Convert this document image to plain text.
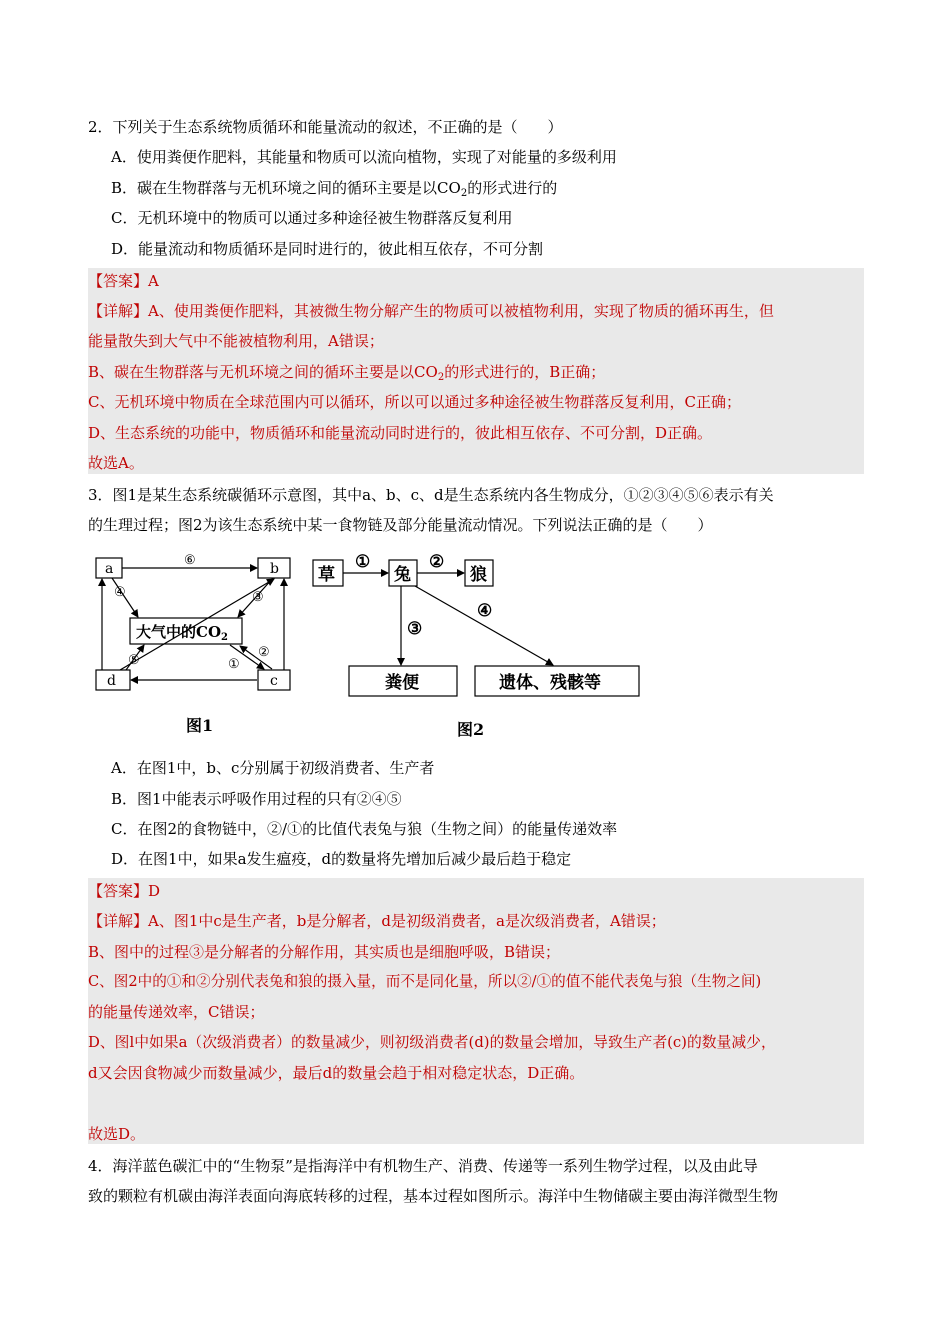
2．下列关于生态系统物质循环和能量流动的叙述，不正确的是（　　）
A．使用粪便作肥料，其能量和物质可以流向植物，实现了对能量的多级利用
B．碳在生物群落与无机环境之间的循环主要是以$CO_2$的形式进行的
C．无机环境中的物质可以通过多种途径被生物群落反复利用
D．能量流动和物质循环是同时进行的，彼此相互依存，不可分割
【答案】A
【详解】A、使用粪便作肥料，其被微生物分解产生的物质可以被植物利用，实现了物质的循环再生，但
能量散失到大气中不能被植物利用，A错误；
B、碳在生物群落与无机环境之间的循环主要是以$CO_2$的形式进行的，B正确；
C、无机环境中物质在全球范围内可以循环，所以可以通过多种途径被生物群落反复利用，C正确；
D、生态系统的功能中，物质循环和能量流动同时进行的，彼此相互依存、不可分割，D正确。
故选A。
3．图1是某生态系统碳循环示意图，其中a、b、c、d是生态系统内各生物成分，①②③④⑤⑥表示有关
的生理过程；图2为该生态系统中某一食物链及部分能量流动情况。下列说法正确的是（　　）
a	b
d	c
大气中的$CO_2$
⑥
④	③
⑤	①
②
图1
草	兔	狼
粪便	遗体、残骸等
①	②
③
④
图2
A．在图1中，b、c分别属于初级消费者、生产者
B．图1中能表示呼吸作用过程的只有②④⑤
C．在图2的食物链中，②/①的比值代表兔与狼（生物之间）的能量传递效率
D．在图1中，如果a发生瘟疫，d的数量将先增加后减少最后趋于稳定
【答案】D
【详解】A、图1中c是生产者，b是分解者，d是初级消费者，a是次级消费者，A错误；
B、图中的过程③是分解者的分解作用，其实质也是细胞呼吸，B错误；
C、图2中的①和②分别代表兔和狼的摄入量，而不是同化量，所以②/①的值不能代表兔与狼（生物之间)
的能量传递效率，C错误；
D、图l中如果a（次级消费者）的数量减少，则初级消费者(d)的数量会增加，导致生产者(c)的数量减少，
d又会因食物减少而数量减少，最后d的数量会趋于相对稳定状态，D正确。
故选D。
4．海洋蓝色碳汇中的“生物泵”是指海洋中有机物生产、消费、传递等一系列生物学过程，以及由此导
致的颗粒有机碳由海洋表面向海底转移的过程，基本过程如图所示。海洋中生物储碳主要由海洋微型生物
